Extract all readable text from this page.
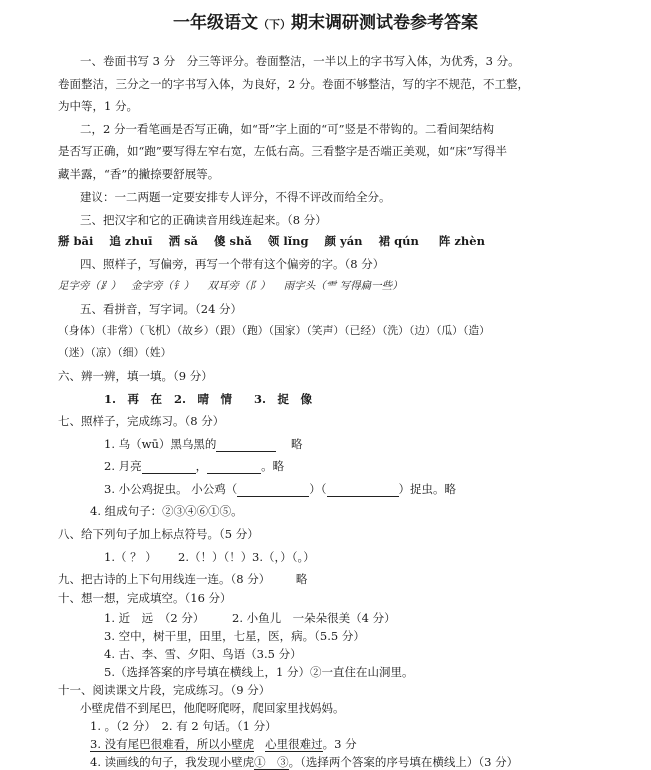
一年级语文（下）期末调研测试卷参考答案
一、卷面书写 3 分　分三等评分。卷面整洁，一半以上的字书写入体，为优秀，3 分。
卷面整洁，三分之一的字书写入体，为良好，2 分。卷面不够整洁，写的字不规范，不工整，
为中等，1 分。
二，2 分一看笔画是否写正确，如“哥”字上面的“可”竖是不带钩的。二看间架结构
是否写正确，如“跑”要写得左窄右宽，左低右高。三看整字是否端正美观，如“床”写得半
藏半露，“香”的撇捺要舒展等。
建议：一二两题一定要安排专人评分，不得不评改而给全分。
三、把汉字和它的正确读音用线连起来。（8 分）
掰 bāi 追 zhuī 洒 sǎ 傻 shǎ 领 lǐng 颜 yán 裙 qún 阵 zhèn
四、照样子，写偏旁，再写一个带有这个偏旁的字。（8 分）
足字旁（⻊） 金字旁（钅） 双耳旁（阝） 雨字头（⻗ 写得扁一些）
五、看拼音，写字词。（24 分）
（身体）（非常）（飞机）（故乡）（跟）（跑）（国家）（笑声）（已经）（洗）（边）（瓜）（造）
（迷）（凉）（细）（姓）
六、辨一辨，填一填。（9 分）
1.　再　在 2.　晴　情 3.　捉　像
七、照样子，完成练习。（8 分）
1. 乌（wū）黑乌黑的	略
2. 月亮	，	。略
3. 小公鸡捉虫。 小公鸡（	）（	）捉虫。略
4. 组成句子：②③④⑥①⑤。
八、给下列句子加上标点符号。（5 分）
1.（ ？ ） 2.（！）（！） 3.（，）（。）
九、把古诗的上下句用线连一连。（8 分） 略
十、想一想，完成填空。（16 分）
1. 近　远　（2 分） 2. 小鱼儿　一朵朵很美（4 分）
3. 空中，树干里，田里，七星，医，病。（5.5 分）
4. 古、李、雪、夕阳、鸟语（3.5 分）
5.（选择答案的序号填在横线上，1 分）②一直住在山洞里。
十一、阅读课文片段，完成练习。（9 分）
小壁虎借不到尾巴，他爬呀爬呀，爬回家里找妈妈。
1. 。（2 分）　2. 有 2 句话。（1 分）
3. 没有尾巴很难看，所以小壁虎 心里很难过。3 分
4. 读画线的句子，我发现小壁虎①　③。（选择两个答案的序号填在横线上）（3 分）
